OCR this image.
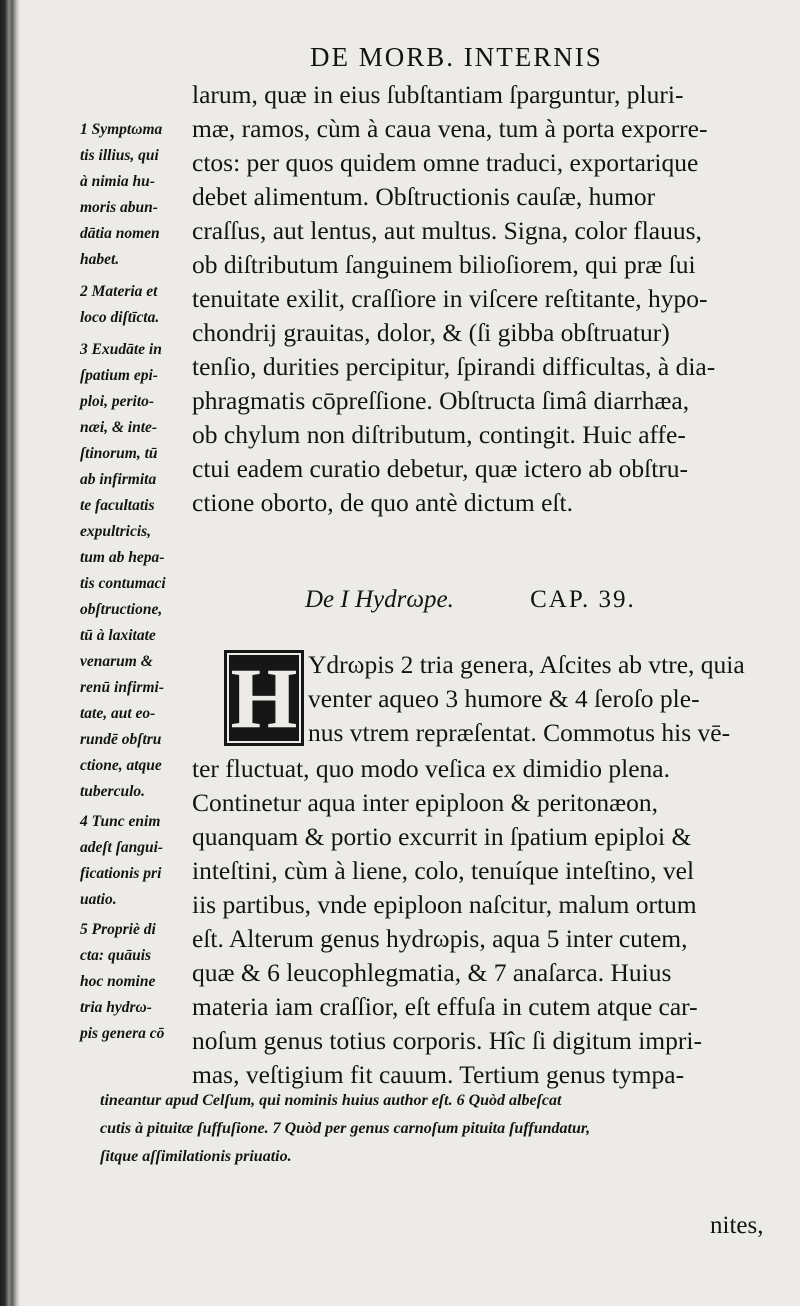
DE MORB. INTERNIS
larum, quæ in eius ſubſtantiam ſparguntur, pluri-
mæ, ramos, cùm à caua vena, tum à porta exporre-
ctos: per quos quidem omne traduci, exportarique
debet alimentum. Obſtructionis cauſæ, humor
craſſus, aut lentus, aut multus. Signa, color flauus,
ob diſtributum ſanguinem bilioſiorem, qui præ ſui
tenuitate exilit, craſſiore in viſcere reſtitante, hypo-
chondrij grauitas, dolor, & (ſi gibba obſtruatur)
tenſio, durities percipitur, ſpirandi difficultas, à dia-
phragmatis cōpreſſione. Obſtructa ſimâ diarrhæa,
ob chylum non diſtributum, contingit. Huic affe-
ctui eadem curatio debetur, quæ ictero ab obſtru-
ctione oborto, de quo antè dictum eſt.
De I Hydrωpe.	CAP. 39.
H Ydrωpis 2 tria genera, Aſcites ab vtre, quia
venter aqueo 3 humore & 4 ſeroſo ple-
nus vtrem repræſentat. Commotus his vē-
ter fluctuat, quo modo veſica ex dimidio plena.
Continetur aqua inter epiploon & peritonæon,
quanquam & portio excurrit in ſpatium epiploi &
inteſtini, cùm à liene, colo, tenuíque inteſtino, vel
iis partibus, vnde epiploon naſcitur, malum ortum
eſt. Alterum genus hydrωpis, aqua 5 inter cutem,
quæ & 6 leucophlegmatia, & 7 anaſarca. Huius
materia iam craſſior, eſt effuſa in cutem atque car-
noſum genus totius corporis. Hîc ſi digitum impri-
mas, veſtigium fit cauum. Tertium genus tympa-
1 Symptωma
tis illius, qui
à nimia hu-
moris abun-
dātia nomen
habet.
2 Materia et
loco diſtīcta.
3 Exudāte in
ſpatium epi-
ploi, perito-
næi, & inte-
ſtinorum, tū
ab infirmita
te facultatis
expultricis,
tum ab hepa-
tis contumaci
obſtructione,
tū à laxitate
venarum &
renū infirmi-
tate, aut eo-
rundē obſtru
ctione, atque
tuberculo.
4 Tunc enim
adeſt ſangui-
ficationis pri
uatio.
5 Propriè di
cta: quāuis
hoc nomine
tria hydrω-
pis genera cō
tineantur apud Celſum, qui nominis huius author eſt. 6 Quòd albeſcat
cutis à pituitæ ſuffuſione. 7 Quòd per genus carnoſum pituita ſuffundatur,
ſitque aſſimilationis priuatio.
nites,
